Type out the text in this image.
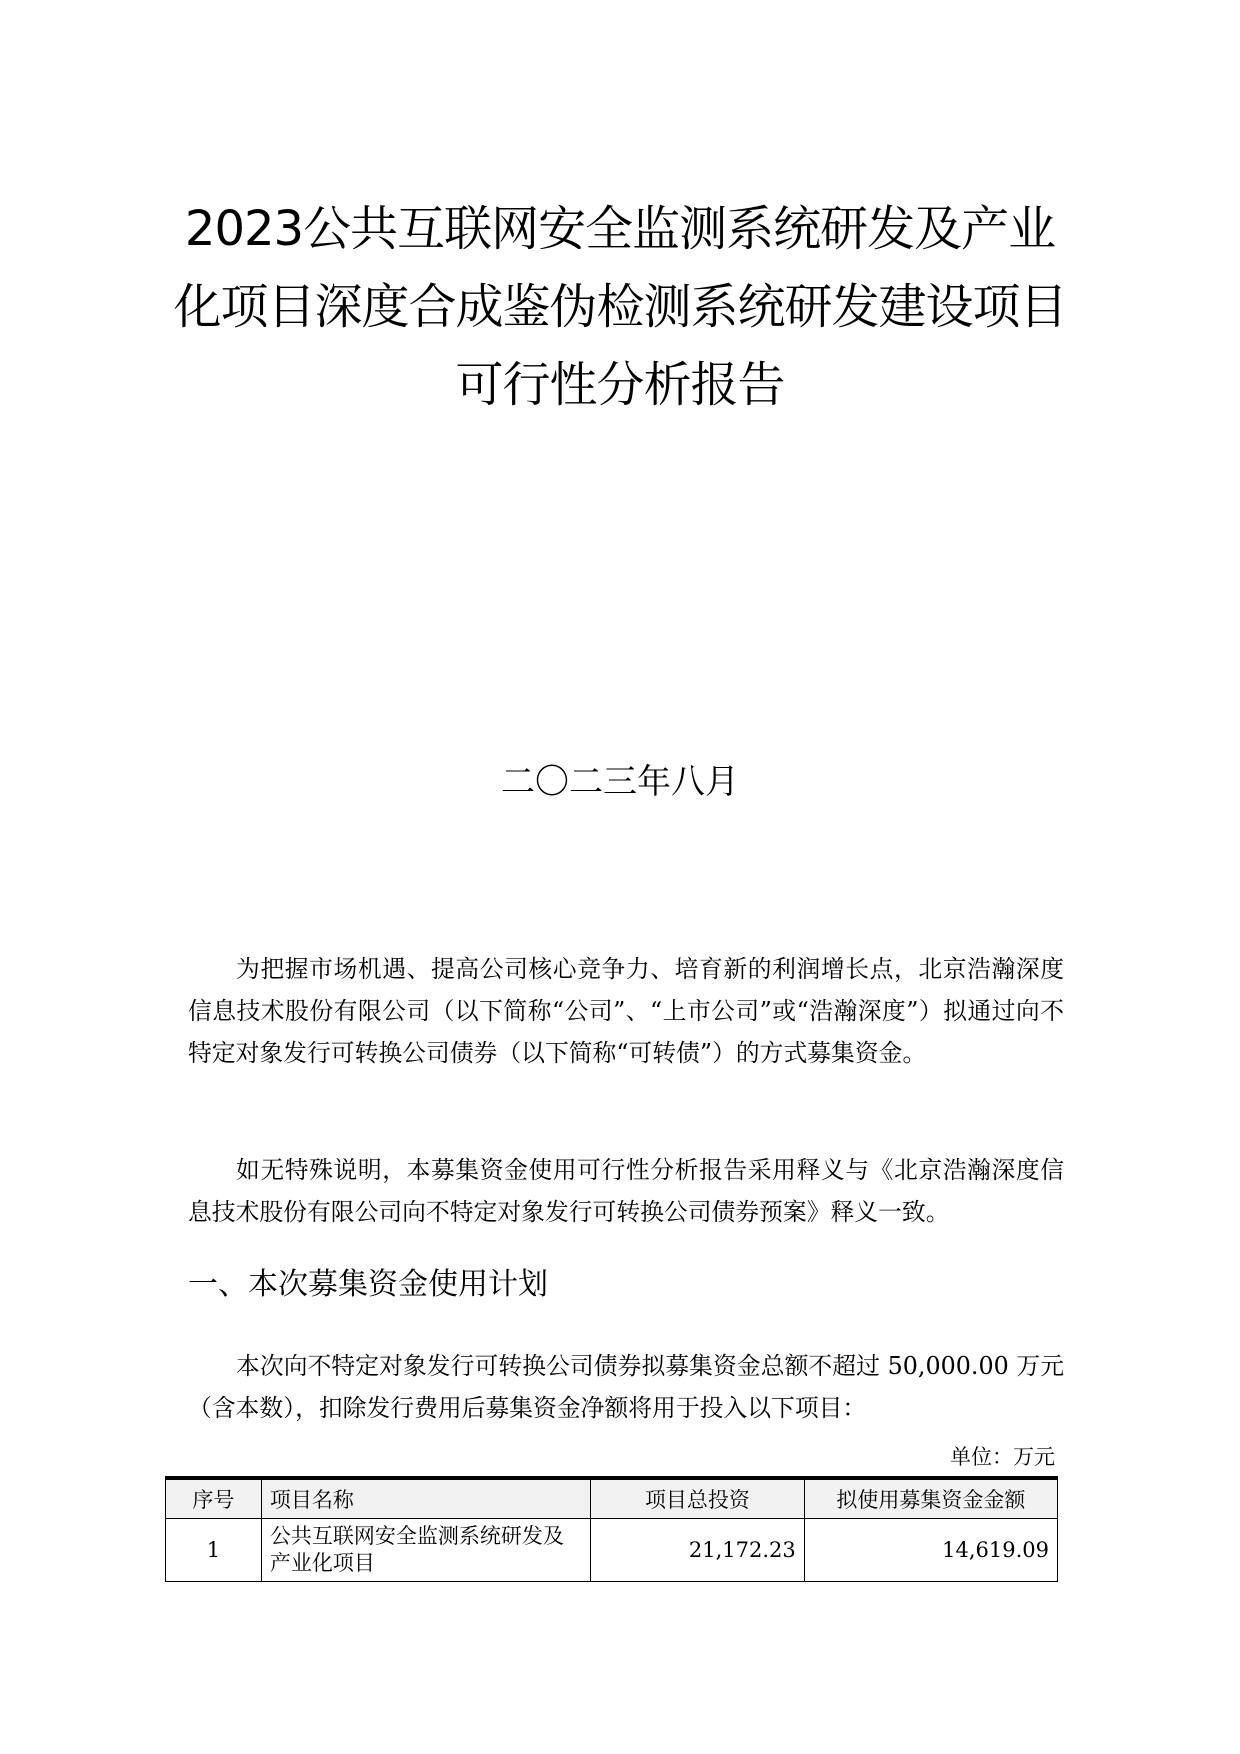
2023公共互联网安全监测系统研发及产业
化项目深度合成鉴伪检测系统研发建设项目
可行性分析报告
二〇二三年八月

为把握市场机遇、提高公司核心竞争力、培育新的利润增长点，北京浩瀚深度信息技术股份有限公司（以下简称“公司”、“上市公司”或“浩瀚深度”）拟通过向不特定对象发行可转换公司债券（以下简称“可转债”）的方式募集资金。

如无特殊说明，本募集资金使用可行性分析报告采用释义与《北京浩瀚深度信息技术股份有限公司向不特定对象发行可转换公司债券预案》释义一致。

一、本次募集资金使用计划

本次向不特定对象发行可转换公司债券拟募集资金总额不超过 50,000.00 万元（含本数），扣除发行费用后募集资金净额将用于投入以下项目：

单位：万元
序号	项目名称	项目总投资	拟使用募集资金金额
1	公共互联网安全监测系统研发及产业化项目	21,172.23	14,619.09
